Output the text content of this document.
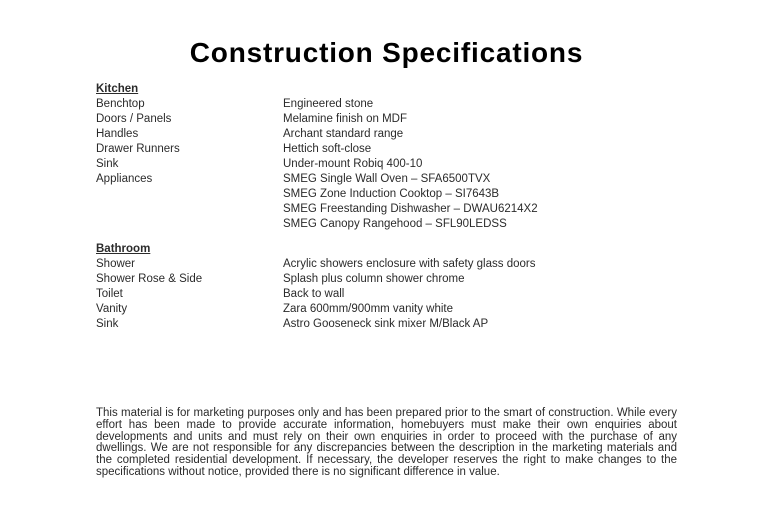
Construction Specifications
Kitchen
Benchtop	Engineered stone
Doors / Panels	Melamine finish on MDF
Handles	Archant standard range
Drawer Runners	Hettich soft-close
Sink	Under-mount Robiq 400-10
Appliances	SMEG Single Wall Oven – SFA6500TVX
SMEG Zone Induction Cooktop – SI7643B
SMEG Freestanding Dishwasher – DWAU6214X2
SMEG Canopy Rangehood – SFL90LEDSS
Bathroom
Shower	Acrylic showers enclosure with safety glass doors
Shower Rose & Side	Splash plus column shower chrome
Toilet	Back to wall
Vanity	Zara 600mm/900mm vanity white
Sink	Astro Gooseneck sink mixer M/Black AP

This material is for marketing purposes only and has been prepared prior to the smart of construction. While every effort has been made to provide accurate information, homebuyers must make their own enquiries about developments and units and must rely on their own enquiries in order to proceed with the purchase of any dwellings. We are not responsible for any discrepancies between the description in the marketing materials and the completed residential development. If necessary, the developer reserves the right to make changes to the specifications without notice, provided there is no significant difference in value.
